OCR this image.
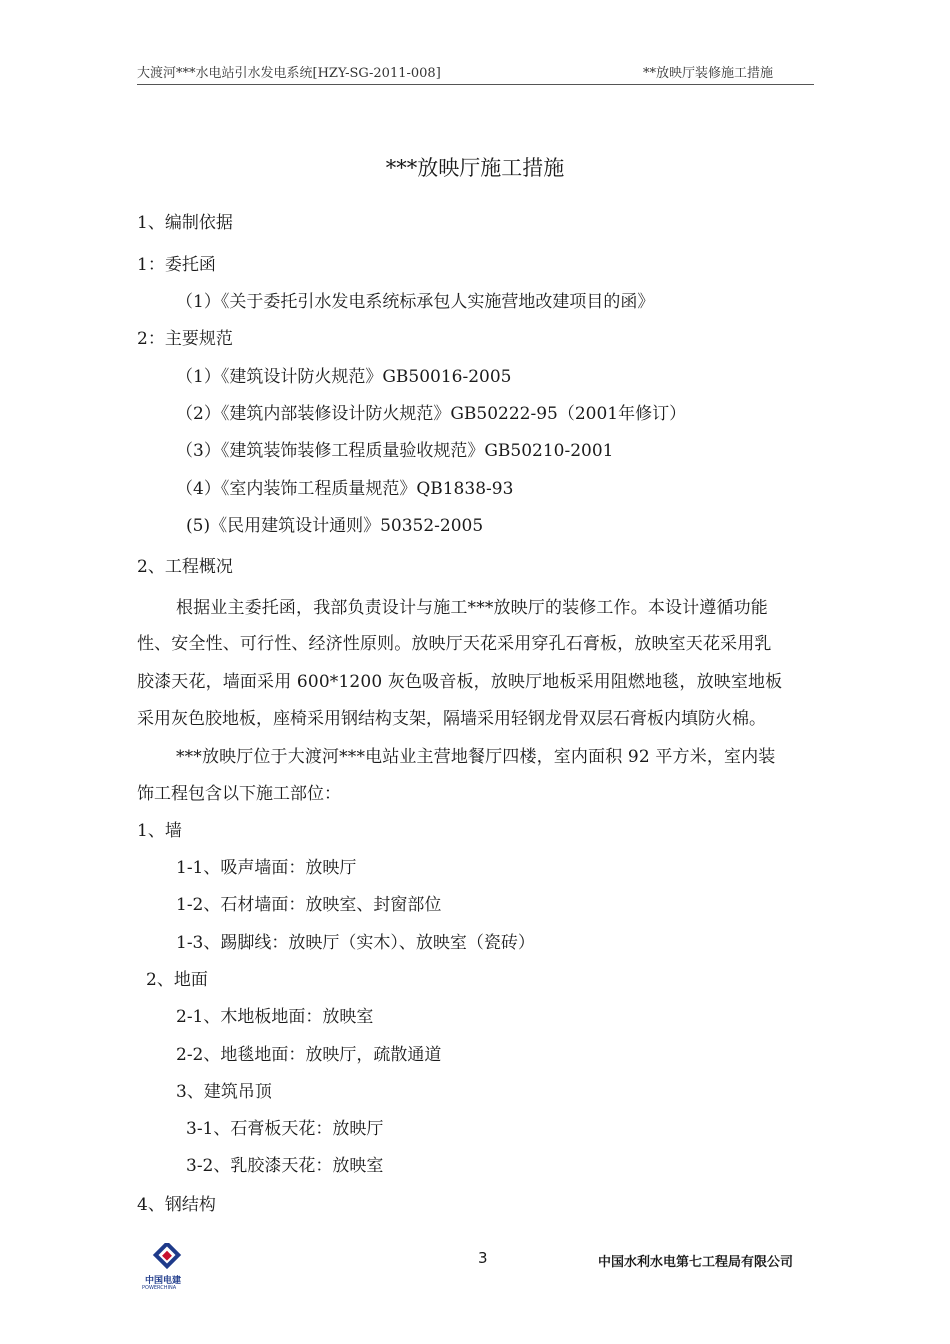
大渡河***水电站引水发电系统[HZY-SG-2011-008]	**放映厅装修施工措施
***放映厅施工措施
1、编制依据
1：委托函
（1）《关于委托引水发电系统标承包人实施营地改建项目的函》
2：主要规范
（1）《建筑设计防火规范》GB50016-2005
（2）《建筑内部装修设计防火规范》GB50222-95（2001年修订）
（3）《建筑装饰装修工程质量验收规范》GB50210-2001
（4）《室内装饰工程质量规范》QB1838-93
(5)《民用建筑设计通则》50352-2005
2、工程概况
根据业主委托函，我部负责设计与施工***放映厅的装修工作。本设计遵循功能
性、安全性、可行性、经济性原则。放映厅天花采用穿孔石膏板，放映室天花采用乳
胶漆天花，墙面采用 600*1200 灰色吸音板，放映厅地板采用阻燃地毯，放映室地板
采用灰色胶地板，座椅采用钢结构支架，隔墙采用轻钢龙骨双层石膏板内填防火棉。
***放映厅位于大渡河***电站业主营地餐厅四楼，室内面积 92 平方米，室内装
饰工程包含以下施工部位：
1、墙
1-1、吸声墙面：放映厅
1-2、石材墙面：放映室、封窗部位
1-3、踢脚线：放映厅（实木）、放映室（瓷砖）
2、地面
2-1、木地板地面：放映室
2-2、地毯地面：放映厅，疏散通道
3、建筑吊顶
3-1、石膏板天花：放映厅
3-2、乳胶漆天花：放映室
4、钢结构
中国电建
POWERCHINA
3	中国水利水电第七工程局有限公司
